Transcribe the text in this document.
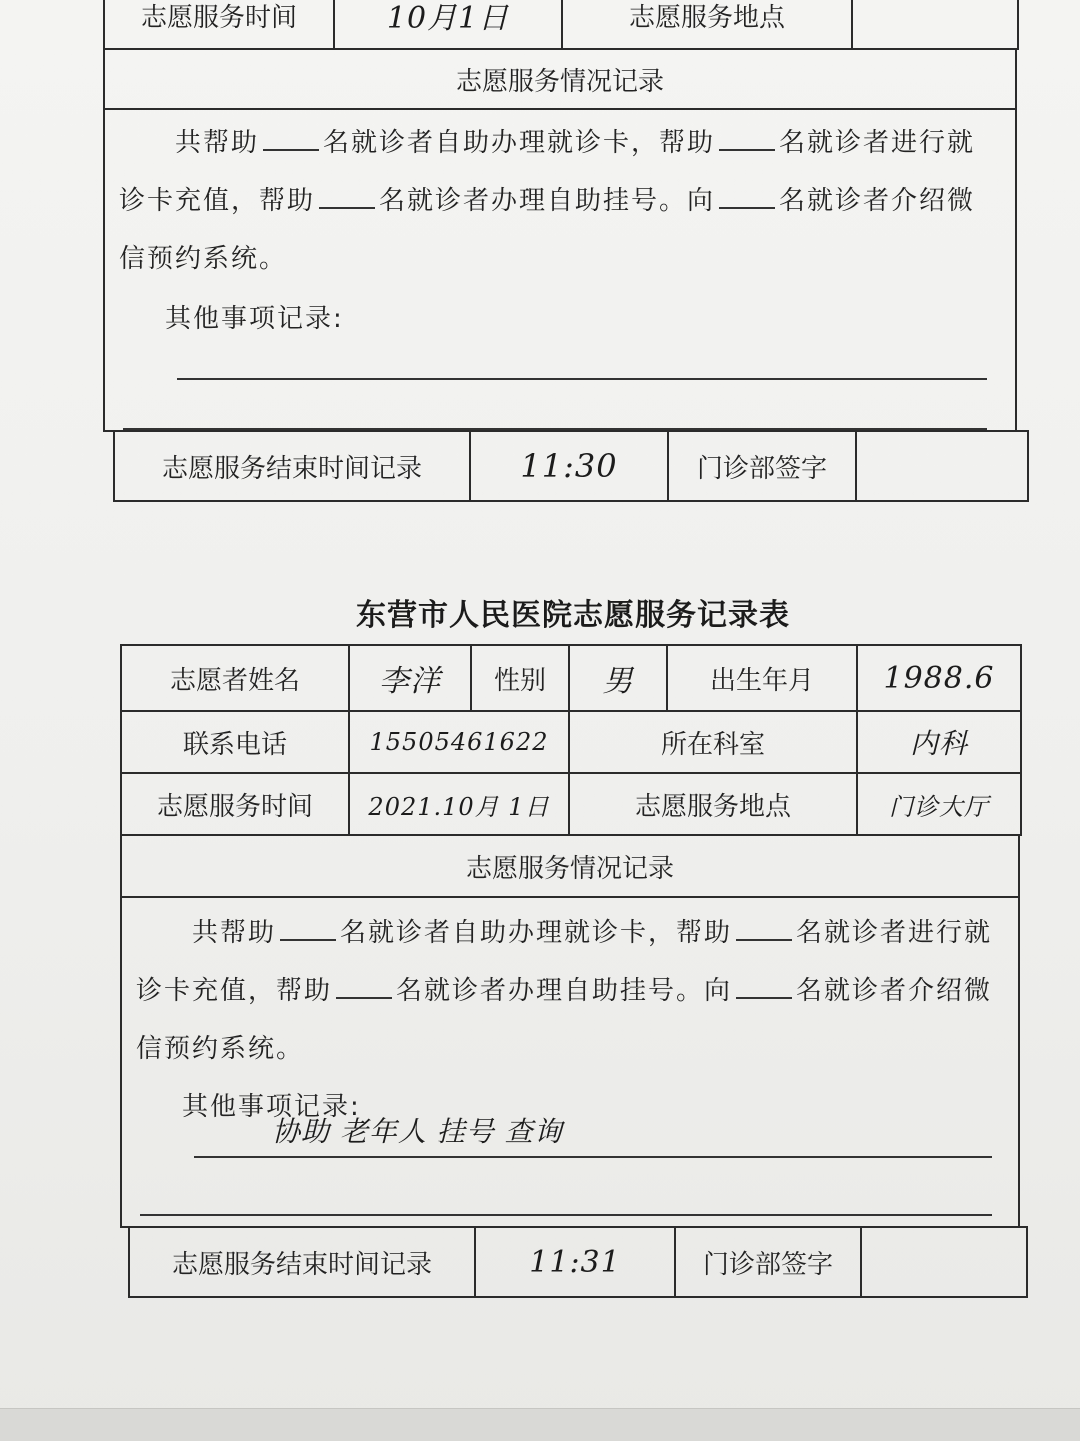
志愿服务时间	10月1日	志愿服务地点	
志愿服务情况记录

共帮助 名就诊者自助办理就诊卡，帮助 名就诊者进行就
诊卡充值，帮助 名就诊者办理自助挂号。向 名就诊者介绍微
信预约系统。
其他事项记录:
志愿服务结束时间记录	11:30	门诊部签字	
东营市人民医院志愿服务记录表
志愿者姓名	李洋	性别	男	出生年月	1988.6
联系电话	15505461622		所在科室		内科
志愿服务时间	2021.10月 1日		志愿服务地点		门诊大厅
志愿服务情况记录

共帮助 名就诊者自助办理就诊卡，帮助 名就诊者进行就
诊卡充值，帮助 名就诊者办理自助挂号。向 名就诊者介绍微
信预约系统。
其他事项记录:
协助 老年人 挂号 查询
志愿服务结束时间记录	11:31	门诊部签字	
